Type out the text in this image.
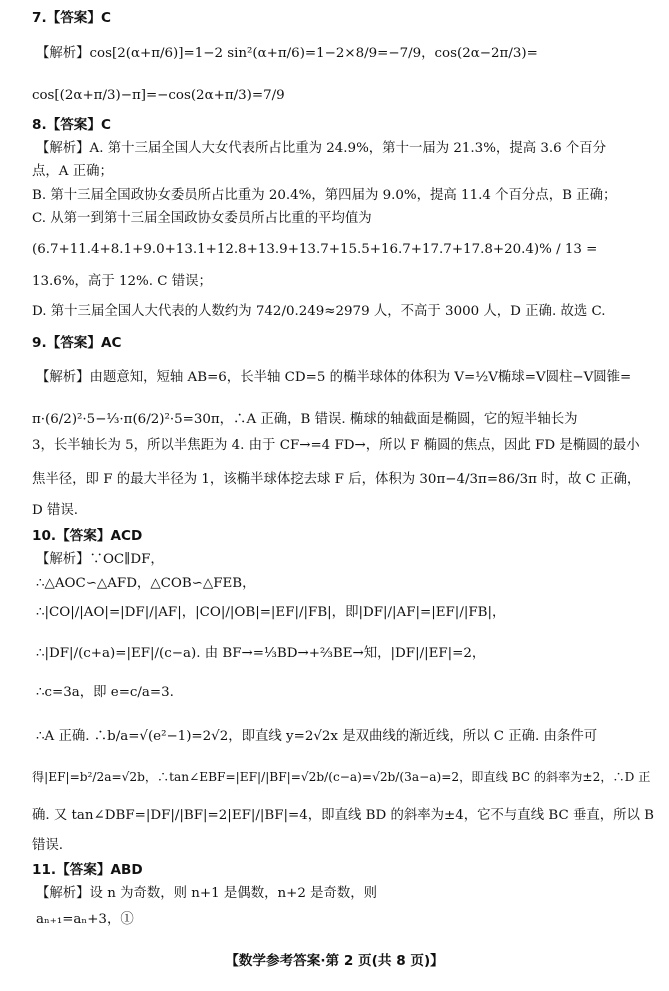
7.【答案】C
【解析】cos[2(α+π/6)]=1−2 sin²(α+π/6)=1−2×8/9=−7/9，cos(2α−2π/3)=
cos[(2α+π/3)−π]=−cos(2α+π/3)=7/9
8.【答案】C
【解析】A. 第十三届全国人大女代表所占比重为 24.9%，第十一届为 21.3%，提高 3.6 个百分
点，A 正确；
B. 第十三届全国政协女委员所占比重为 20.4%，第四届为 9.0%，提高 11.4 个百分点，B 正确；
C. 从第一到第十三届全国政协女委员所占比重的平均值为
(6.7+11.4+8.1+9.0+13.1+12.8+13.9+13.7+15.5+16.7+17.7+17.8+20.4)% / 13 =
13.6%，高于 12%. C 错误；
D. 第十三届全国人大代表的人数约为 742/0.249≈2979 人，不高于 3000 人，D 正确. 故选 C.
9.【答案】AC
【解析】由题意知，短轴 AB=6，长半轴 CD=5 的椭半球体的体积为 V=½V椭球=V圆柱−V圆锥=
π·(6/2)²·5−⅓·π(6/2)²·5=30π，∴A 正确，B 错误. 椭球的轴截面是椭圆，它的短半轴长为
3，长半轴长为 5，所以半焦距为 4. 由于 CF→=4 FD→，所以 F 椭圆的焦点，因此 FD 是椭圆的最小
焦半径，即 F 的最大半径为 1，该椭半球体挖去球 F 后，体积为 30π−4/3π=86/3π 时，故 C 正确，
D 错误.
10.【答案】ACD
【解析】∵OC∥DF，
∴△AOC∽△AFD，△COB∽△FEB，
∴|CO|/|AO|=|DF|/|AF|，|CO|/|OB|=|EF|/|FB|，即|DF|/|AF|=|EF|/|FB|，
∴|DF|/(c+a)=|EF|/(c−a). 由 BF→=⅓BD→+⅔BE→知，|DF|/|EF|=2，
∴c=3a，即 e=c/a=3.
∴A 正确. ∴b/a=√(e²−1)=2√2，即直线 y=2√2x 是双曲线的渐近线，所以 C 正确. 由条件可
得|EF|=b²/2a=√2b，∴tan∠EBF=|EF|/|BF|=√2b/(c−a)=√2b/(3a−a)=2，即直线 BC 的斜率为±2，∴D 正
确. 又 tan∠DBF=|DF|/|BF|=2|EF|/|BF|=4，即直线 BD 的斜率为±4，它不与直线 BC 垂直，所以 B
错误.
11.【答案】ABD
【解析】设 n 为奇数，则 n+1 是偶数，n+2 是奇数，则
aₙ₊₁=aₙ+3，①
【数学参考答案·第 2 页(共 8 页)】
